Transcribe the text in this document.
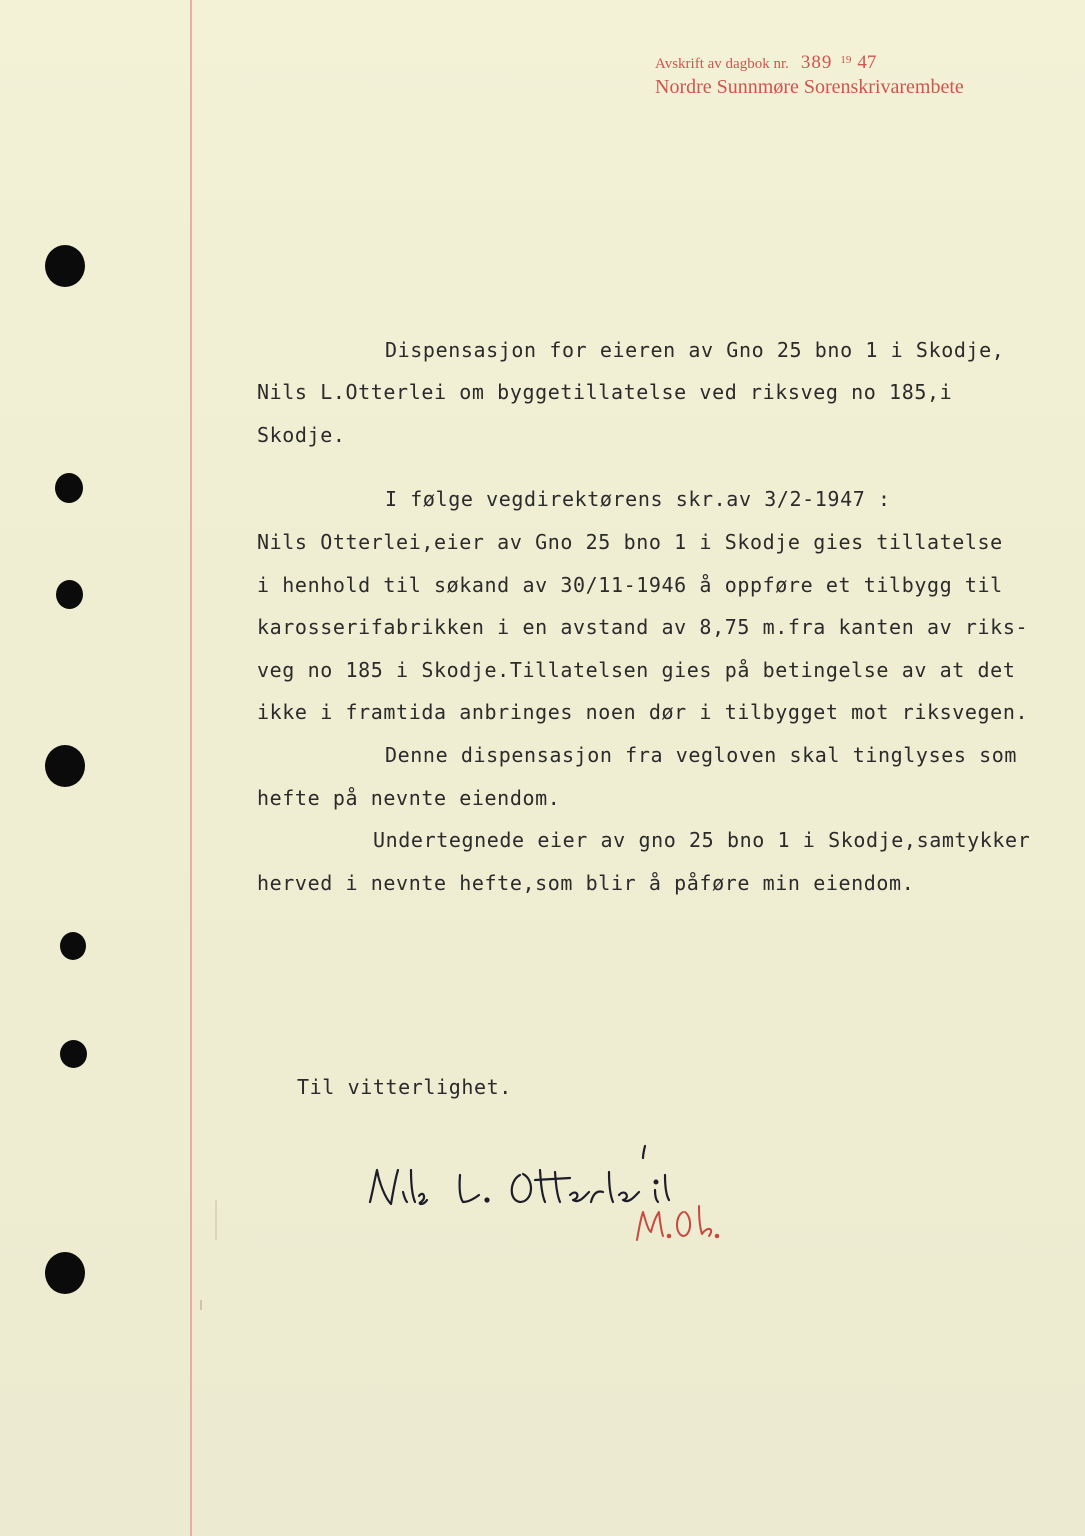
Avskrift av dagbok nr. 389 19 47
Nordre Sunnmøre Sorenskrivarembete
Dispensasjon for eieren av Gno 25 bno 1 i Skodje,
Nils L.Otterlei om byggetillatelse ved riksveg no 185,i
Skodje.
I følge vegdirektørens skr.av 3/2-1947 :
Nils Otterlei,eier av Gno 25 bno 1 i Skodje gies tillatelse
i henhold til søkand av 30/11-1946 å oppføre et tilbygg til
karosserifabrikken i en avstand av 8,75 m.fra kanten av riks-
veg no 185 i Skodje.Tillatelsen gies på betingelse av at det
ikke i framtida anbringes noen dør i tilbygget mot riksvegen.
Denne dispensasjon fra vegloven skal tinglyses som
hefte på nevnte eiendom.
Undertegnede eier av gno 25 bno 1 i Skodje,samtykker
herved i nevnte hefte,som blir å påføre min eiendom.
Til vitterlighet.
